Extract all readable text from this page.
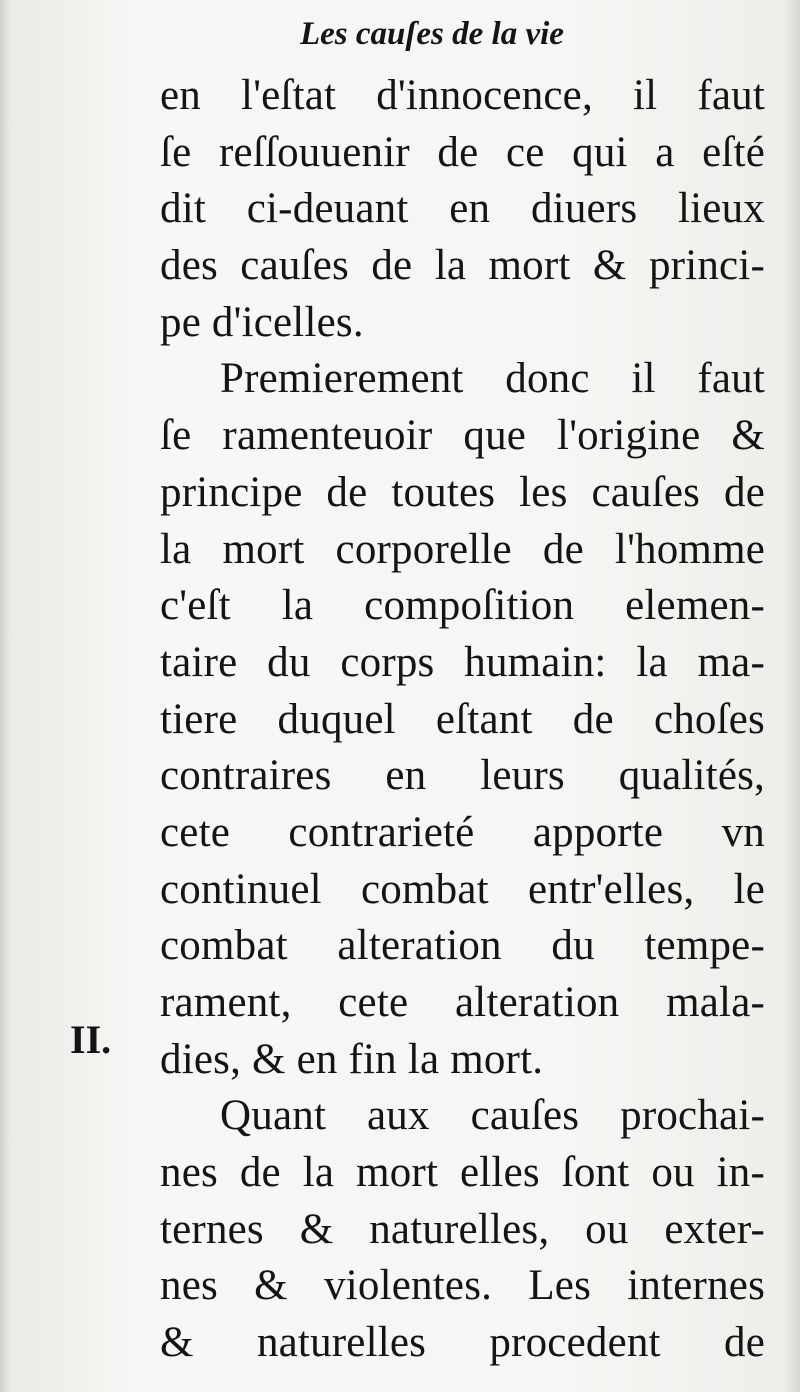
Les cauſes de la vie
II.
en l'eſtat d'innocence, il faut
ſe reſſouuenir de ce qui a eſté
dit ci-deuant en diuers lieux
des cauſes de la mort & princi-
pe d'icelles.
Premierement donc il faut
ſe ramenteuoir que l'origine &
principe de toutes les cauſes de
la mort corporelle de l'homme
c'eſt la compoſition elemen-
taire du corps humain: la ma-
tiere duquel eſtant de choſes
contraires en leurs qualités,
cete contrarieté apporte vn
continuel combat entr'elles, le
combat alteration du tempe-
rament, cete alteration mala-
dies, & en fin la mort.
Quant aux cauſes prochai-
nes de la mort elles ſont ou in-
ternes & naturelles, ou exter-
nes & violentes. Les internes
& naturelles procedent de
